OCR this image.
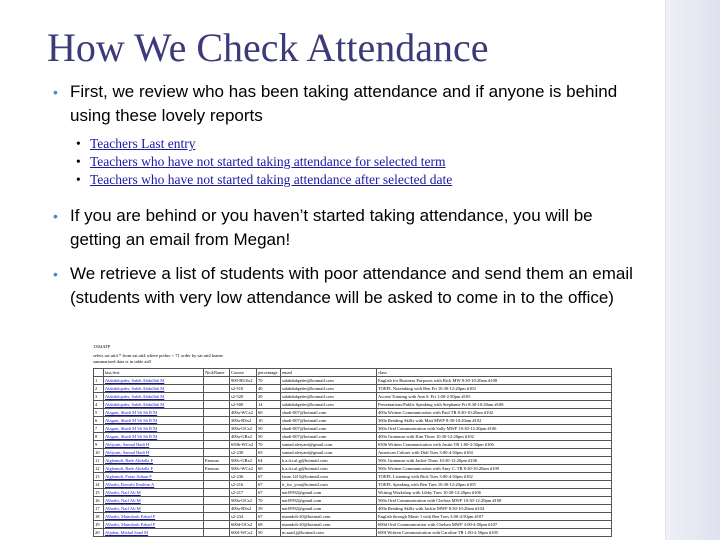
How We Check Attendance
• First, we review who has been taking attendance and if anyone is behind using these lovely reports
• Teachers Last entry
• Teachers who have not started taking attendance for selected term
• Teachers who have not started taking attendance after selected date
• If you are behind or you haven’t started taking attendance, you will be getting an email from Megan!
• We retrieve a list of students with poor attendance and send them an email (students with very low attendance will be asked to come in to the office)
1304ATP
select sat.att4.* from sat.att4 where pcthrs < 71 order by sat.att4.lname
summarized data is in table att5
	last,first	NickName	Course	percentage	email	class
1	Alabdulqader, Saleh Abdullah M		900-BUSx2	70	salabdulqader@hotmail.com	English for Business Purposes with Rick MW 8:30-10:20am #108
2	Alabdulqader, Saleh Abdullah M		s2-510	40	salabdulqader@hotmail.com	TOEFL Notetaking with Ben Fri 10:30-12:20pm #103
3	Alabdulqader, Saleh Abdullah M		s2-520	20	salabdulqader@hotmail.com	Accent Training with Ann S. Fri 1:00-2:50pm #105
4	Alabdulqader, Saleh Abdullah M		s2-500	14	salabdulqader@hotmail.com	Presentations/Public Speaking with Stephanie Fri 8:30-10:20am #108
5	Alagmi, Shadi M Sh Sh R M		400a-WCx2	60	shadi-007@hotmail.com	400a Written Communication with Paul TR 8:30-10:20am #102
6	Alagmi, Shadi M Sh Sh R M		300a-RSx2	10	shadi-007@hotmail.com	300a Reading Skills with Matt MWF 8:30-10:20am #102
7	Alagmi, Shadi M Sh Sh R M		300a-OCx2	50	shadi-007@hotmail.com	300a Oral Communication with Sally MWF 10:30-12:20pm #106
8	Alagmi, Shadi M Sh Sh R M		400a-GRx2	50	shadi-007@hotmail.com	400a Grammar with Kim Thurs 10:30-12:20pm #102
9	Aleiyani, Samad Hadi H		650b-WCx2	70	samad.aleiyani@gmail.com	650b Written Communication with Justin TR 1:00-2:50pm #106
10	Aleiyani, Samad Hadi H		s2-230	65	samad.aleiyani@gmail.com	American Culture with Didi Tues 3:00-4:50pm #104
11	Alghamdi, Badr Abdulla F	Fanwaz	500c-GRx2	64	b.a.d.r.al.g@hotmail.com	500c Grammar with Jackie Thurs 10:30-12:20pm #106
12	Alghamdi, Badr Abdulla F	Fanwaz	500c-WCx2	60	b.a.d.r.al.g@hotmail.com	500c Written Communication with Amy C. TR 8:30-10:20am #109
13	Alghamdi, Faraz Adnan F		s2-236	67	faraz.1415@hotmail.com	TOEFL Listening with Rick Tues 3:00-4:50pm #102
14	Alharbi, Rawabi Ibrahim A		s2-216	67	it_for_you@hotmail.com	TOEFL Speaking with Ben Tues 10:30-12:20pm #105
15	Alharbi, Naif Ali M		s2-217	67	naif5992@gmail.com	Writing Workshop with Libby Tues 10:30-12:20pm #106
16	Alharbi, Naif Ali M		500a-OCx2	70	naif5992@gmail.com	500a Oral Communication with Chelsea MWF 10:30-12:20pm #108
17	Alharbi, Naif Ali M		400a-RSx2	59	naif5992@gmail.com	400a Reading Skills with Jackie MWF 8:30-10:20am #104
18	Alharbi, Mamdouh Fahad F		s2-234	67	mamdoh-20@hotmail.com	English through Music I with Ben Tues 3:00-4:50pm #107
19	Alharbi, Mamdouh Fahad F		600d-OCx2	68	mamdoh-20@hotmail.com	600d Oral Communication with Chelsea MWF 3:00-4:50pm #107
20	Aljabar, Mishal Saad M		600f-WCx2	50	m.saad.j@hotmail.com	600f Written Communication with Caroline TR 1:00-2:50pm #105
